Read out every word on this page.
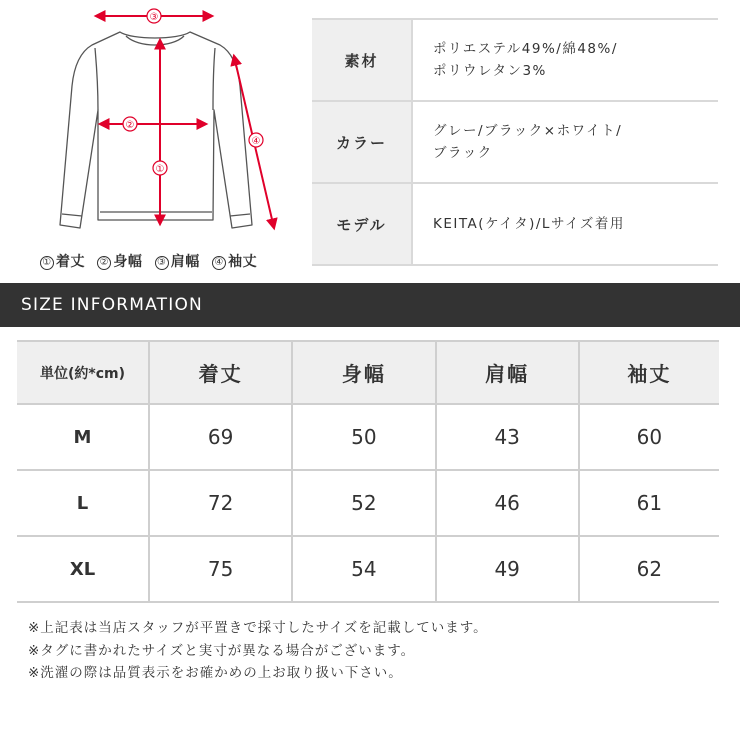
③
②
①
④
① 着丈 ② 身幅 ③ 肩幅 ④ 袖丈
素材	ポリエステル49%/綿48%/
ポリウレタン3%
カラー	グレー/ブラック×ホワイト/
ブラック
モデル	KEITA(ケイタ)/Lサイズ着用
SIZE INFORMATION
単位(約*cm)	着丈	身幅	肩幅	袖丈
M	69	50	43	60
L	72	52	46	61
XL	75	54	49	62
※上記表は当店スタッフが平置きで採寸したサイズを記載しています。
※タグに書かれたサイズと実寸が異なる場合がございます。
※洗濯の際は品質表示をお確かめの上お取り扱い下さい。
